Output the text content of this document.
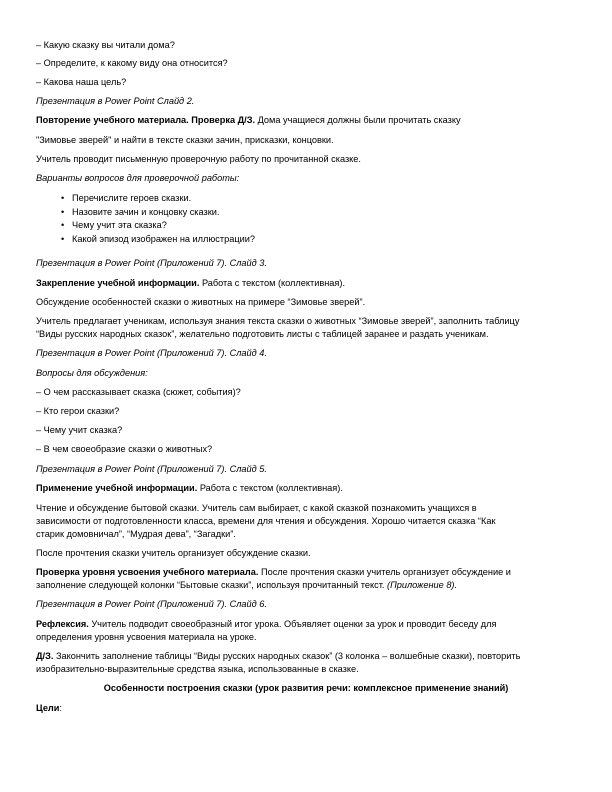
– Какую сказку вы читали дома?

– Определите, к какому виду она относится?

– Какова наша цель?

Презентация в Power Point Слайд 2.

Повторение учебного материала. Проверка Д/З. Дома учащиеся должны были прочитать сказку

"Зимовье зверей" и найти в тексте сказки зачин, присказки, концовки.

Учитель проводит письменную проверочную работу по прочитанной сказке.

Варианты вопросов для проверочной работы:

• Перечислите героев сказки.
• Назовите зачин и концовку сказки.
• Чему учит эта сказка?
• Какой эпизод изображен на иллюстрации?

Презентация в Power Point (Приложений 7). Слайд 3.

Закрепление учебной информации. Работа с текстом (коллективная).

Обсуждение особенностей сказки о животных на примере “Зимовье зверей”.

Учитель предлагает ученикам, используя знания текста сказки о животных “Зимовье зверей”, заполнить таблицу

“Виды русских народных сказок”, желательно подготовить листы с таблицей заранее и раздать ученикам.

Презентация в Power Point (Приложений 7). Слайд 4.

Вопросы для обсуждения:

– О чем рассказывает сказка (сюжет, события)?

– Кто герои сказки?

– Чему учит сказка?

– В чем своеобразие сказки о животных?

Презентация в Power Point (Приложений 7). Слайд 5.

Применение учебной информации. Работа с текстом (коллективная).

Чтение и обсуждение бытовой сказки. Учитель сам выбирает, с какой сказкой познакомить учащихся в

зависимости от подготовленности класса, времени для чтения и обсуждения. Хорошо читается сказка “Как

старик домовничал”, “Мудрая дева”, “Загадки”.

После прочтения сказки учитель организует обсуждение сказки.

Проверка уровня усвоения учебного материала. После прочтения сказки учитель организует обсуждение и

заполнение следующей колонки “Бытовые сказки”, используя прочитанный текст. (Приложение 8).

Презентация в Power Point (Приложений 7). Слайд 6.

Рефлексия. Учитель подводит своеобразный итог урока. Объявляет оценки за урок и проводит беседу для

определения уровня усвоения материала на уроке.

Д/З. Закончить заполнение таблицы “Виды русских народных сказок” (3 колонка – волшебные сказки), повторить

изобразительно-выразительные средства языка, использованные в сказке.

Особенности построения сказки (урок развития речи: комплексное применение знаний)

Цели:
